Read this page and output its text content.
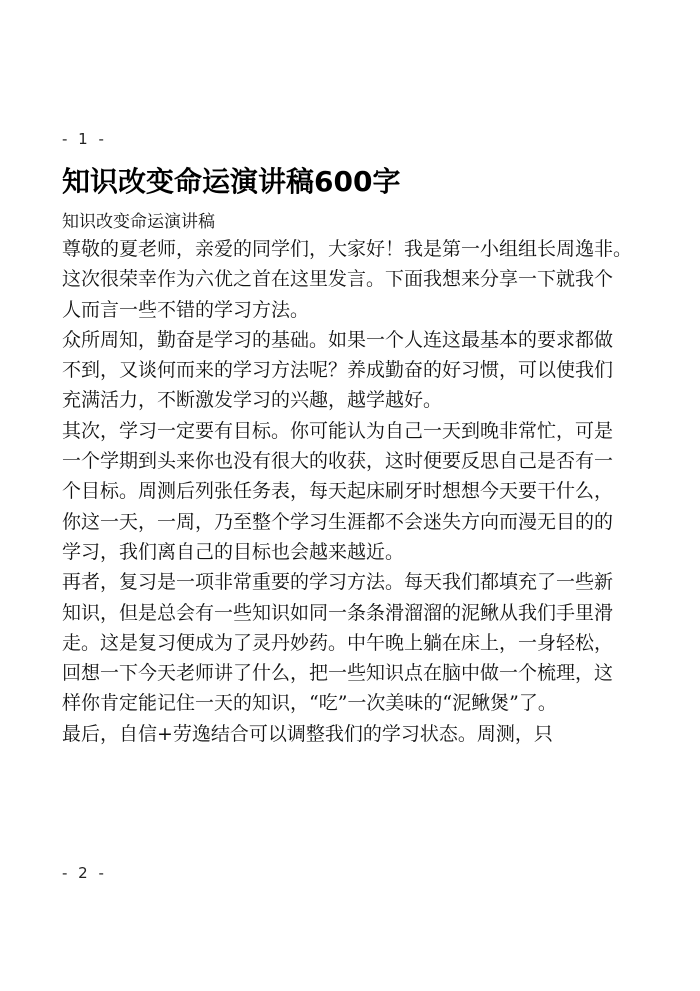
- 1 -
知识改变命运演讲稿600字
知识改变命运演讲稿
尊敬的夏老师，亲爱的同学们，大家好！我是第一小组组长周逸非。
这次很荣幸作为六优之首在这里发言。下面我想来分享一下就我个
人而言一些不错的学习方法。
众所周知，勤奋是学习的基础。如果一个人连这最基本的要求都做
不到，又谈何而来的学习方法呢？养成勤奋的好习惯，可以使我们
充满活力，不断激发学习的兴趣，越学越好。
其次，学习一定要有目标。你可能认为自己一天到晚非常忙，可是
一个学期到头来你也没有很大的收获，这时便要反思自己是否有一
个目标。周测后列张任务表，每天起床刷牙时想想今天要干什么，
你这一天，一周，乃至整个学习生涯都不会迷失方向而漫无目的的
学习，我们离自己的目标也会越来越近。
再者，复习是一项非常重要的学习方法。每天我们都填充了一些新
知识，但是总会有一些知识如同一条条滑溜溜的泥鳅从我们手里滑
走。这是复习便成为了灵丹妙药。中午晚上躺在床上，一身轻松，
回想一下今天老师讲了什么，把一些知识点在脑中做一个梳理，这
样你肯定能记住一天的知识，“吃”一次美味的“泥鳅煲”了。
最后，自信+劳逸结合可以调整我们的学习状态。周测，只
- 2 -
